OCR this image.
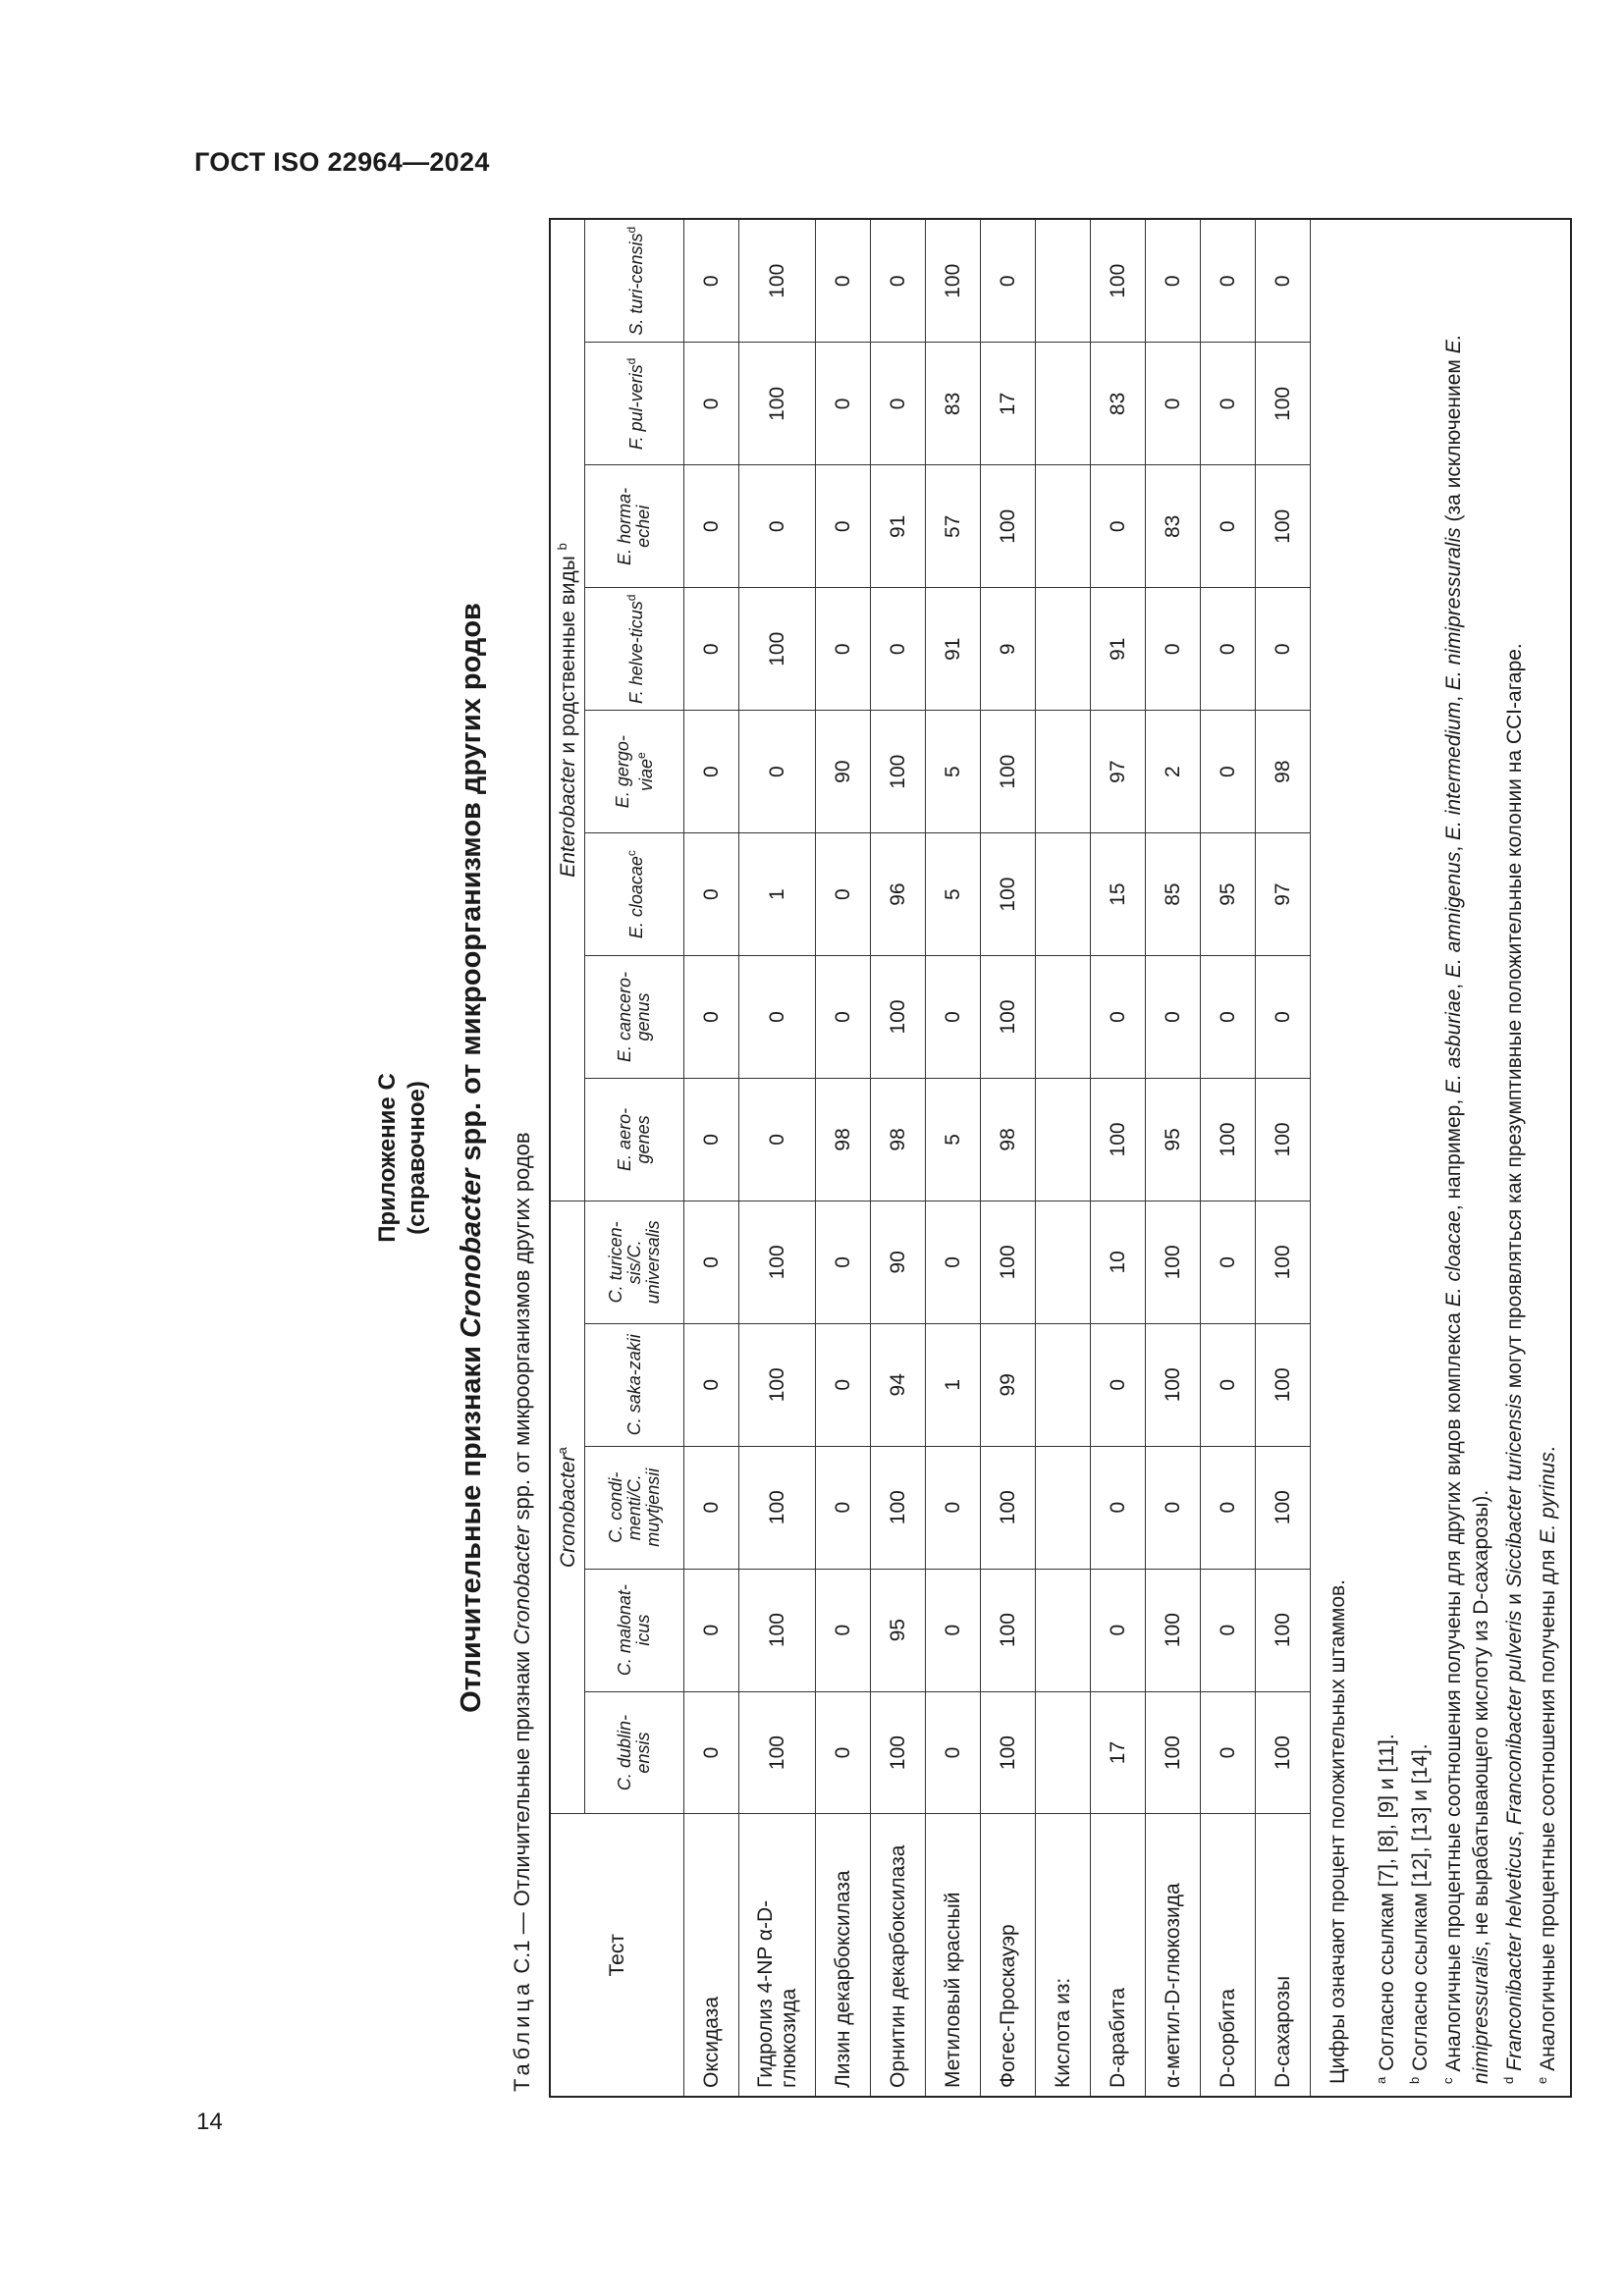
ГОСТ ISO 22964—2024
Приложение С (справочное)
Отличительные признаки Cronobacter spp. от микроорганизмов других родов
Таблица С.1 — Отличительные признаки Cronobacter spp. от микроорганизмов других родов
Тест	Cronobacter$^a$					Enterobacter и родственные виды $^b$
	C. dublin-ensis	C. malonat-icus	C. condi-menti/C. muytjensii	C. saka-zakii	C. turicen-sis/C. universalis	E. aero-genes	E. cancero-genus	E. cloacae$^c$	E. gergo-viae$^e$	F. helve-ticus$^d$	E. horma-echei	F. pul-veris$^d$	S. turi-censis$^d$
Оксидаза	0	0	0	0	0	0	0	0	0	0	0	0	0
Гидролиз 4-NP α-D-глюкозида	100	100	100	100	100	0	0	1	0	100	0	100	100
Лизин декарбоксилаза	0	0	0	0	0	98	0	0	90	0	0	0	0
Орнитин декарбоксилаза	100	95	100	94	90	98	100	96	100	0	91	0	0
Метиловый красный	0	0	0	1	0	5	0	5	5	91	57	83	100
Фогес-Проскауэр	100	100	100	99	100	98	100	100	100	9	100	17	0
Кислота из:													
D-арабита	17	0	0	0	10	100	0	15	97	91	0	83	100
α-метил-D-глюкозида	100	100	0	100	100	95	0	85	2	0	83	0	0
D-сорбита	0	0	0	0	0	100	0	95	0	0	0	0	0
D-сахарозы	100	100	100	100	100	100	0	97	98	0	100	100	0

Цифры означают процент положительных штаммов.	$^a$ Согласно ссылкам [7], [8], [9] и [11].

$^b$ Согласно ссылкам [12], [13] и [14].

$^c$ Аналогичные процентные соотношения получены для других видов комплекса E. cloacae, например, E. asburiae, E. amnigenus, E. intermedium, E. nimipressuralis (за исключением E. nimipressuralis, не вырабатывающего кислоту из D-сахарозы).

$^d$ Franconibacter helveticus, Franconibacter pulveris и Siccibacter turicensis могут проявляться как презумптивные положительные колонии на CCI-агаре.

$^e$ Аналогичные процентные соотношения получены для E. pyrinus.

14
